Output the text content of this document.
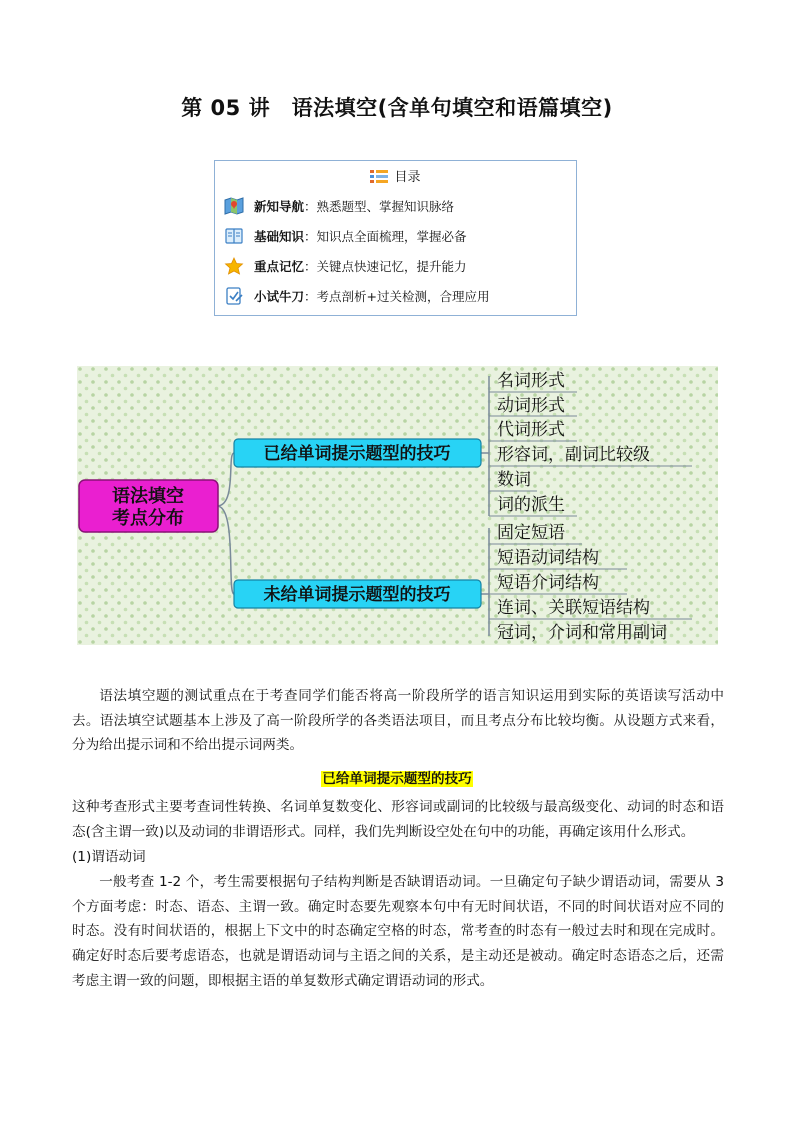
第 05 讲　语法填空(含单句填空和语篇填空)
目录
新知导航 ：熟悉题型、掌握知识脉络
基础知识 ：知识点全面梳理，掌握必备
重点记忆 ：关键点快速记忆，提升能力
小试牛刀 ：考点剖析+过关检测，合理应用
语法填空
考点分布
已给单词提示题型的技巧
未给单词提示题型的技巧
名词形式
动词形式
代词形式
形容词，副词比较级
数词
词的派生
固定短语
短语动词结构
短语介词结构
连词、关联短语结构
冠词，介词和常用副词

语法填空题的测试重点在于考查同学们能否将高一阶段所学的语言知识运用到实际的英语读写活动中去。语法填空试题基本上涉及了高一阶段所学的各类语法项目，而且考点分布比较均衡。从设题方式来看，分为给出提示词和不给出提示词两类。

已给单词提示题型的技巧

这种考查形式主要考查词性转换、名词单复数变化、形容词或副词的比较级与最高级变化、动词的时态和语态(含主谓一致)以及动词的非谓语形式。同样，我们先判断设空处在句中的功能，再确定该用什么形式。

(1)谓语动词

一般考查 1-2 个，考生需要根据句子结构判断是否缺谓语动词。一旦确定句子缺少谓语动词，需要从 3 个方面考虑：时态、语态、主谓一致。确定时态要先观察本句中有无时间状语，不同的时间状语对应不同的时态。没有时间状语的，根据上下文中的时态确定空格的时态，常考查的时态有一般过去时和现在完成时。确定好时态后要考虑语态，也就是谓语动词与主语之间的关系，是主动还是被动。确定时态语态之后，还需考虑主谓一致的问题，即根据主语的单复数形式确定谓语动词的形式。
